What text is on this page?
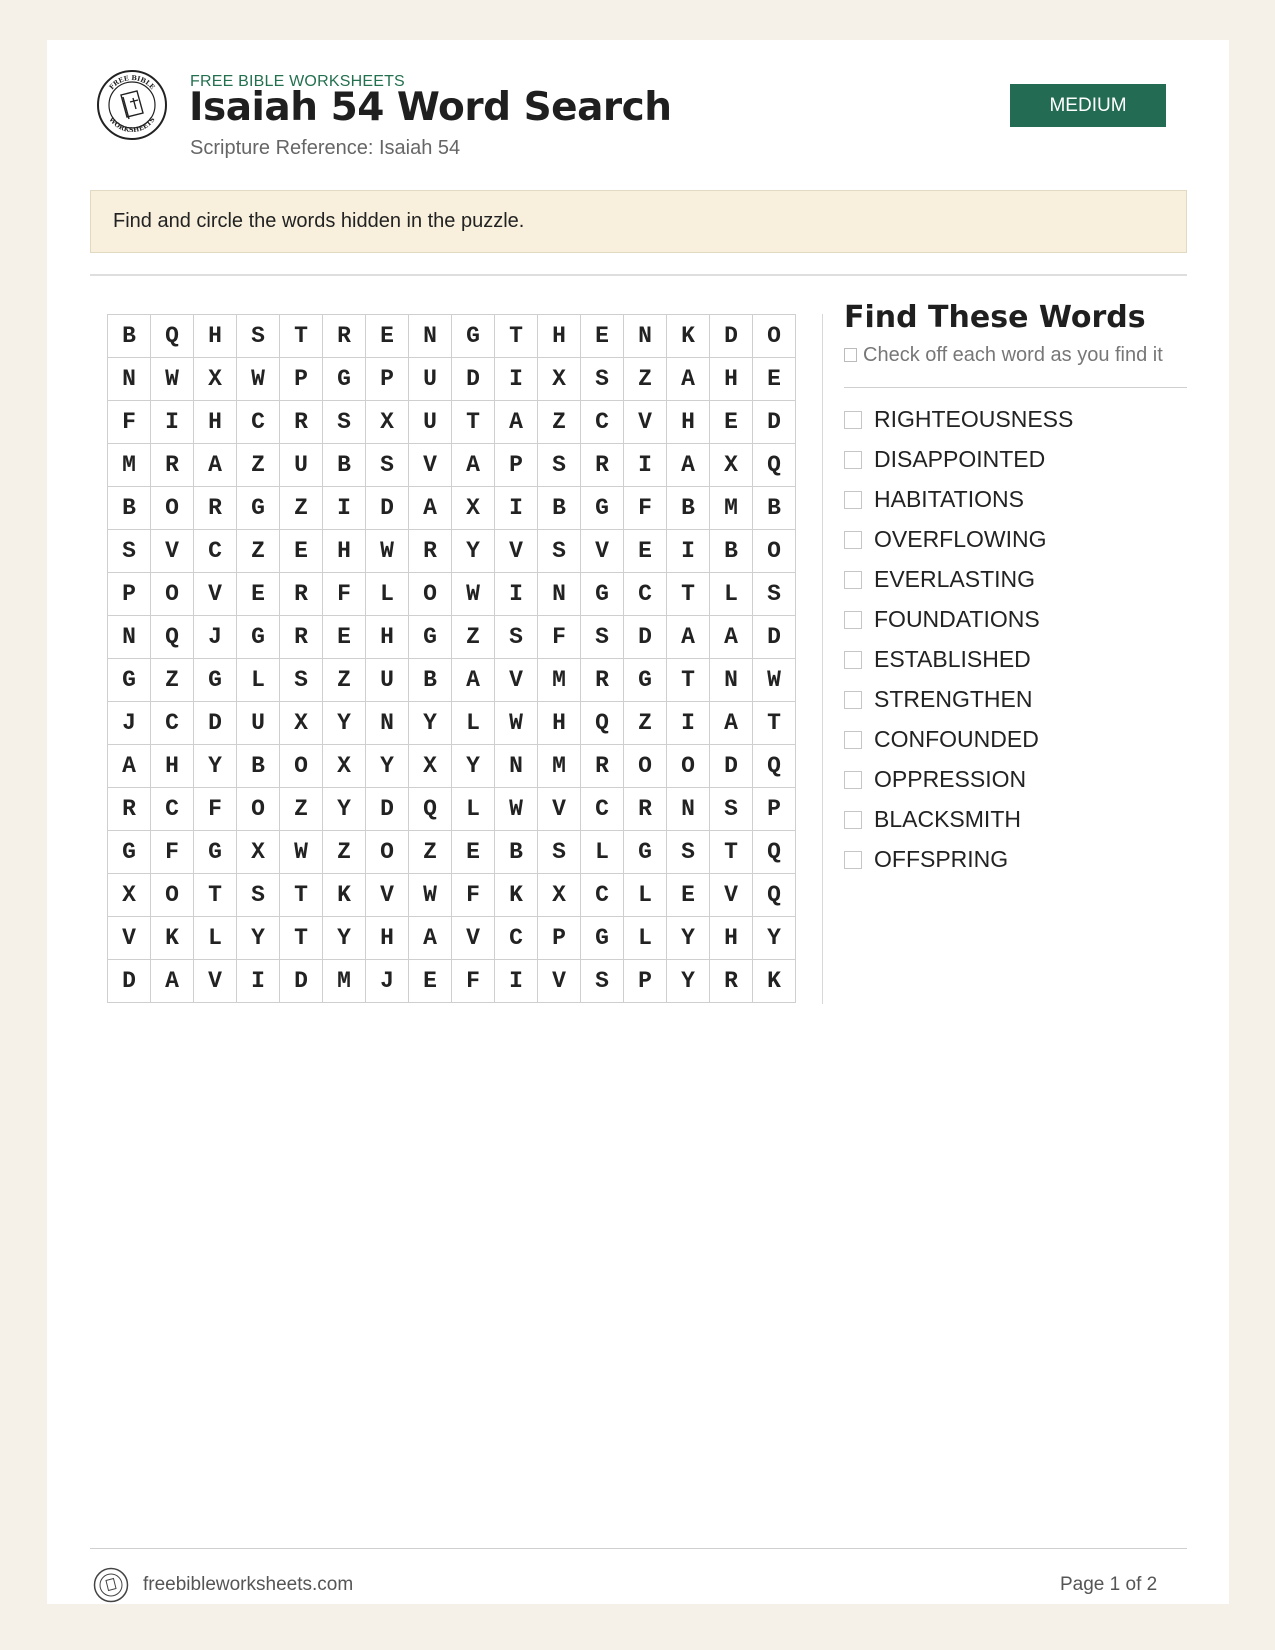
FREE BIBLE
WORKSHEETS
FREE BIBLE WORKSHEETS
Isaiah 54 Word Search
Scripture Reference: Isaiah 54
MEDIUM
Find and circle the words hidden in the puzzle.
B	Q	H	S	T	R	E	N	G	T	H	E	N	K	D	O
N	W	X	W	P	G	P	U	D	I	X	S	Z	A	H	E
F	I	H	C	R	S	X	U	T	A	Z	C	V	H	E	D
M	R	A	Z	U	B	S	V	A	P	S	R	I	A	X	Q
B	O	R	G	Z	I	D	A	X	I	B	G	F	B	M	B
S	V	C	Z	E	H	W	R	Y	V	S	V	E	I	B	O
P	O	V	E	R	F	L	O	W	I	N	G	C	T	L	S
N	Q	J	G	R	E	H	G	Z	S	F	S	D	A	A	D
G	Z	G	L	S	Z	U	B	A	V	M	R	G	T	N	W
J	C	D	U	X	Y	N	Y	L	W	H	Q	Z	I	A	T
A	H	Y	B	O	X	Y	X	Y	N	M	R	O	O	D	Q
R	C	F	O	Z	Y	D	Q	L	W	V	C	R	N	S	P
G	F	G	X	W	Z	O	Z	E	B	S	L	G	S	T	Q
X	O	T	S	T	K	V	W	F	K	X	C	L	E	V	Q
V	K	L	Y	T	Y	H	A	V	C	P	G	L	Y	H	Y
D	A	V	I	D	M	J	E	F	I	V	S	P	Y	R	K
Find These Words
Check off each word as you find it
RIGHTEOUSNESS
DISAPPOINTED
HABITATIONS
OVERFLOWING
EVERLASTING
FOUNDATIONS
ESTABLISHED
STRENGTHEN
CONFOUNDED
OPPRESSION
BLACKSMITH
OFFSPRING
freebibleworksheets.com	Page 1 of 2
